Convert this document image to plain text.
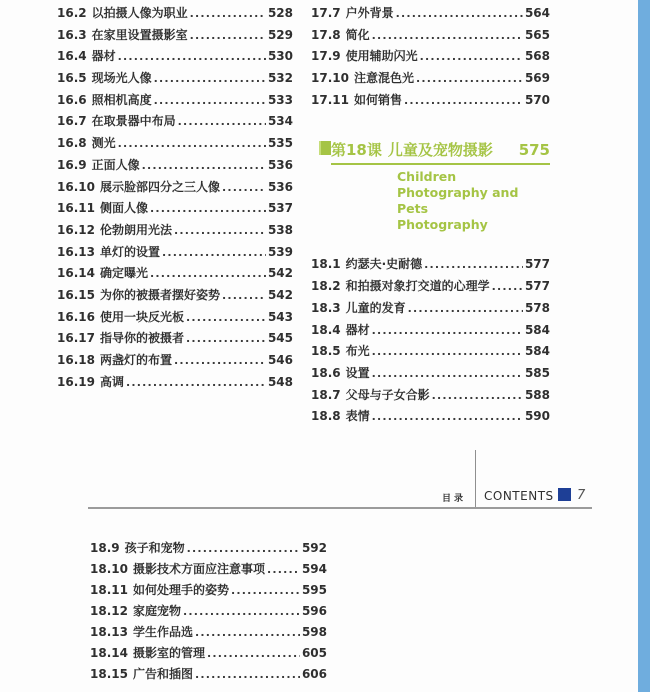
16.2 以拍摄人像为职业 .....	528
16.3 在家里设置摄影室 .....	529
16.4 器材 .....	530
16.5 现场光人像 .....	532
16.6 照相机高度 .....	533
16.7 在取景器中布局 .....	534
16.8 测光 .....	535
16.9 正面人像 .....	536
16.10 展示脸部四分之三人像 .....	536
16.11 侧面人像 .....	537
16.12 伦勃朗用光法 .....	538
16.13 单灯的设置 .....	539
16.14 确定曝光 .....	542
16.15 为你的被摄者摆好姿势 .....	542
16.16 使用一块反光板 .....	543
16.17 指导你的被摄者 .....	545
16.18 两盏灯的布置 .....	546
16.19 高调 .....	548
17.7 户外背景 .....	564
17.8 简化 .....	565
17.9 使用辅助闪光 .....	568
17.10 注意混色光 .....	569
17.11 如何销售 .....	570
第18课 儿童及宠物摄影 575
Children Photography and Pets
Photography
18.1 约瑟夫·史耐德 .....	577
18.2 和拍摄对象打交道的心理学 .....	577
18.3 儿童的发育 .....	578
18.4 器材 .....	584
18.5 布光 .....	584
18.6 设置 .....	585
18.7 父母与子女合影 .....	588
18.8 表情 .....	590
目录 CONTENTS 7
18.9 孩子和宠物 .....	592
18.10 摄影技术方面应注意事项 .....	594
18.11 如何处理手的姿势 .....	595
18.12 家庭宠物 .....	596
18.13 学生作品选 .....	598
18.14 摄影室的管理 .....	605
18.15 广告和插图 .....	606
